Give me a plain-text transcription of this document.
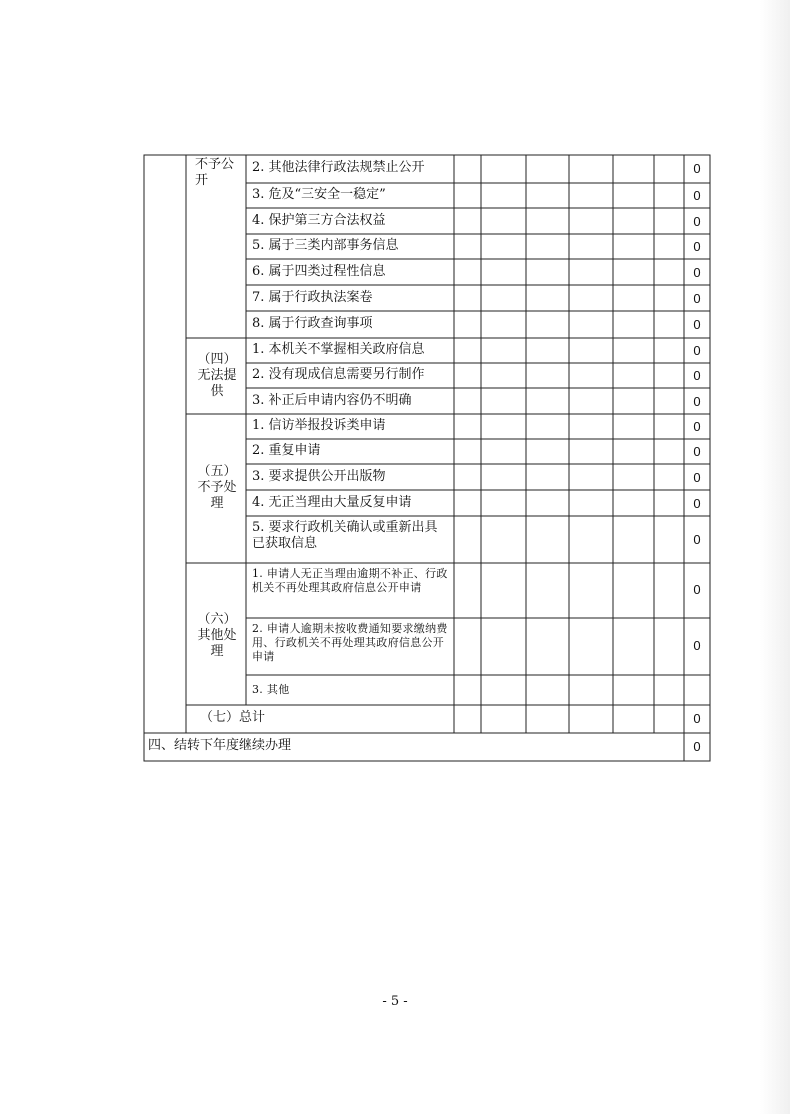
不予公
开
（四）
无法提
供
（五）
不予处
理
（六）
其他处
理
2. 其他法律行政法规禁止公开
3. 危及“三安全一稳定”
4. 保护第三方合法权益
5. 属于三类内部事务信息
6. 属于四类过程性信息
7. 属于行政执法案卷
8. 属于行政查询事项
1. 本机关不掌握相关政府信息
2. 没有现成信息需要另行制作
3. 补正后申请内容仍不明确
1. 信访举报投诉类申请
2. 重复申请
3. 要求提供公开出版物
4. 无正当理由大量反复申请
5. 要求行政机关确认或重新出具已获取信息
1. 申请人无正当理由逾期不补正、行政机关不再处理其政府信息公开申请
2. 申请人逾期未按收费通知要求缴纳费用、行政机关不再处理其政府信息公开申请
3. 其他
（七）总计
四、结转下年度继续办理
0
0
0
0
0
0
0
0
0
0
0
0
0
0
0
0
0
0
0
- 5 -
